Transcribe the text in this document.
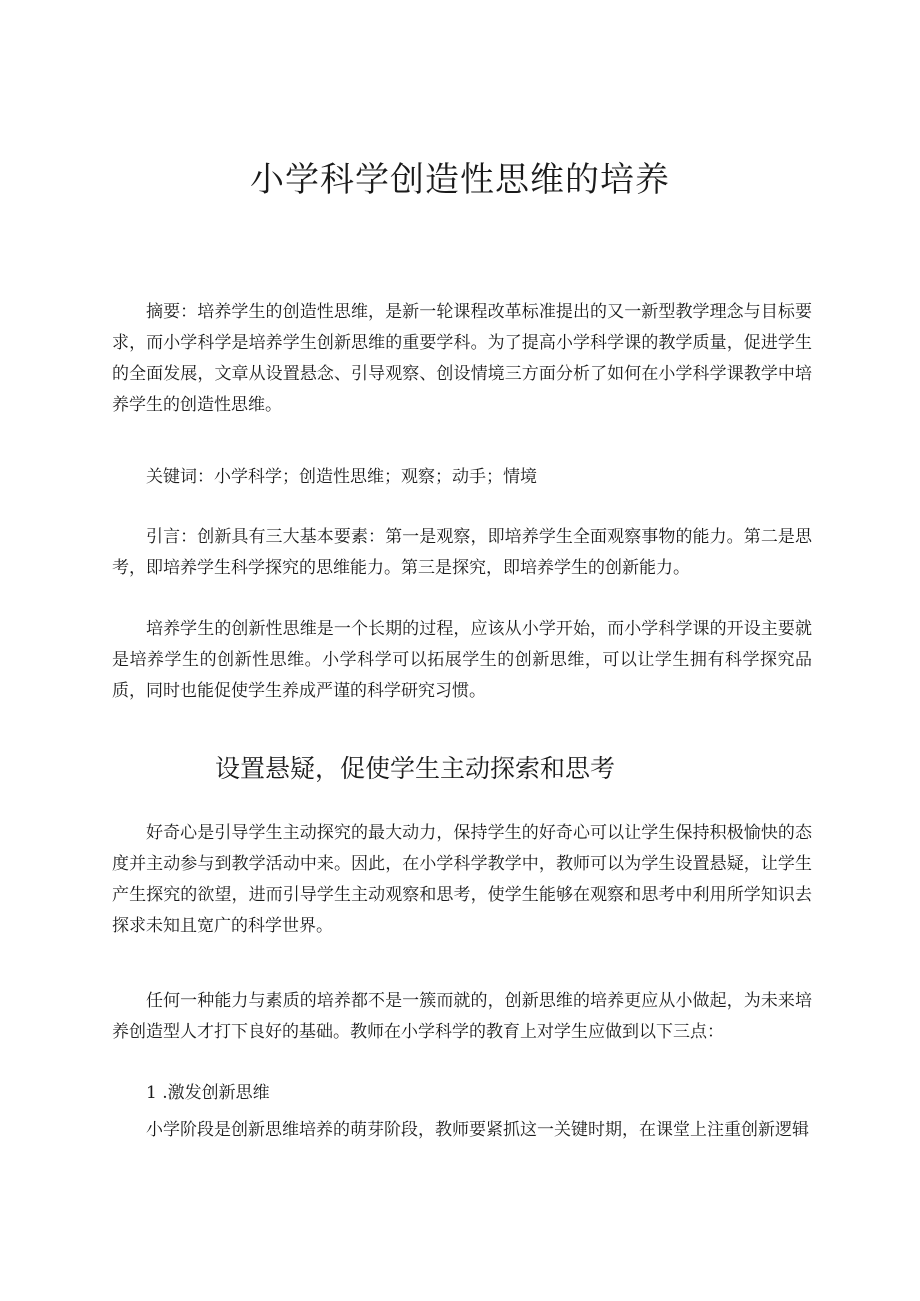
小学科学创造性思维的培养

摘要：培养学生的创造性思维，是新一轮课程改革标准提出的又一新型教学理念与目标要求，而小学科学是培养学生创新思维的重要学科。为了提高小学科学课的教学质量，促进学生的全面发展，文章从设置悬念、引导观察、创设情境三方面分析了如何在小学科学课教学中培养学生的创造性思维。

关键词：小学科学；创造性思维；观察；动手；情境

引言：创新具有三大基本要素：第一是观察，即培养学生全面观察事物的能力。第二是思考，即培养学生科学探究的思维能力。第三是探究，即培养学生的创新能力。

培养学生的创新性思维是一个长期的过程，应该从小学开始，而小学科学课的开设主要就是培养学生的创新性思维。小学科学可以拓展学生的创新思维，可以让学生拥有科学探究品质，同时也能促使学生养成严谨的科学研究习惯。

设置悬疑，促使学生主动探索和思考

好奇心是引导学生主动探究的最大动力，保持学生的好奇心可以让学生保持积极愉快的态度并主动参与到教学活动中来。因此，在小学科学教学中，教师可以为学生设置悬疑，让学生产生探究的欲望，进而引导学生主动观察和思考，使学生能够在观察和思考中利用所学知识去探求未知且宽广的科学世界。

任何一种能力与素质的培养都不是一簇而就的，创新思维的培养更应从小做起，为未来培养创造型人才打下良好的基础。教师在小学科学的教育上对学生应做到以下三点：

1 .激发创新思维

小学阶段是创新思维培养的萌芽阶段，教师要紧抓这一关键时期，在课堂上注重创新逻辑
